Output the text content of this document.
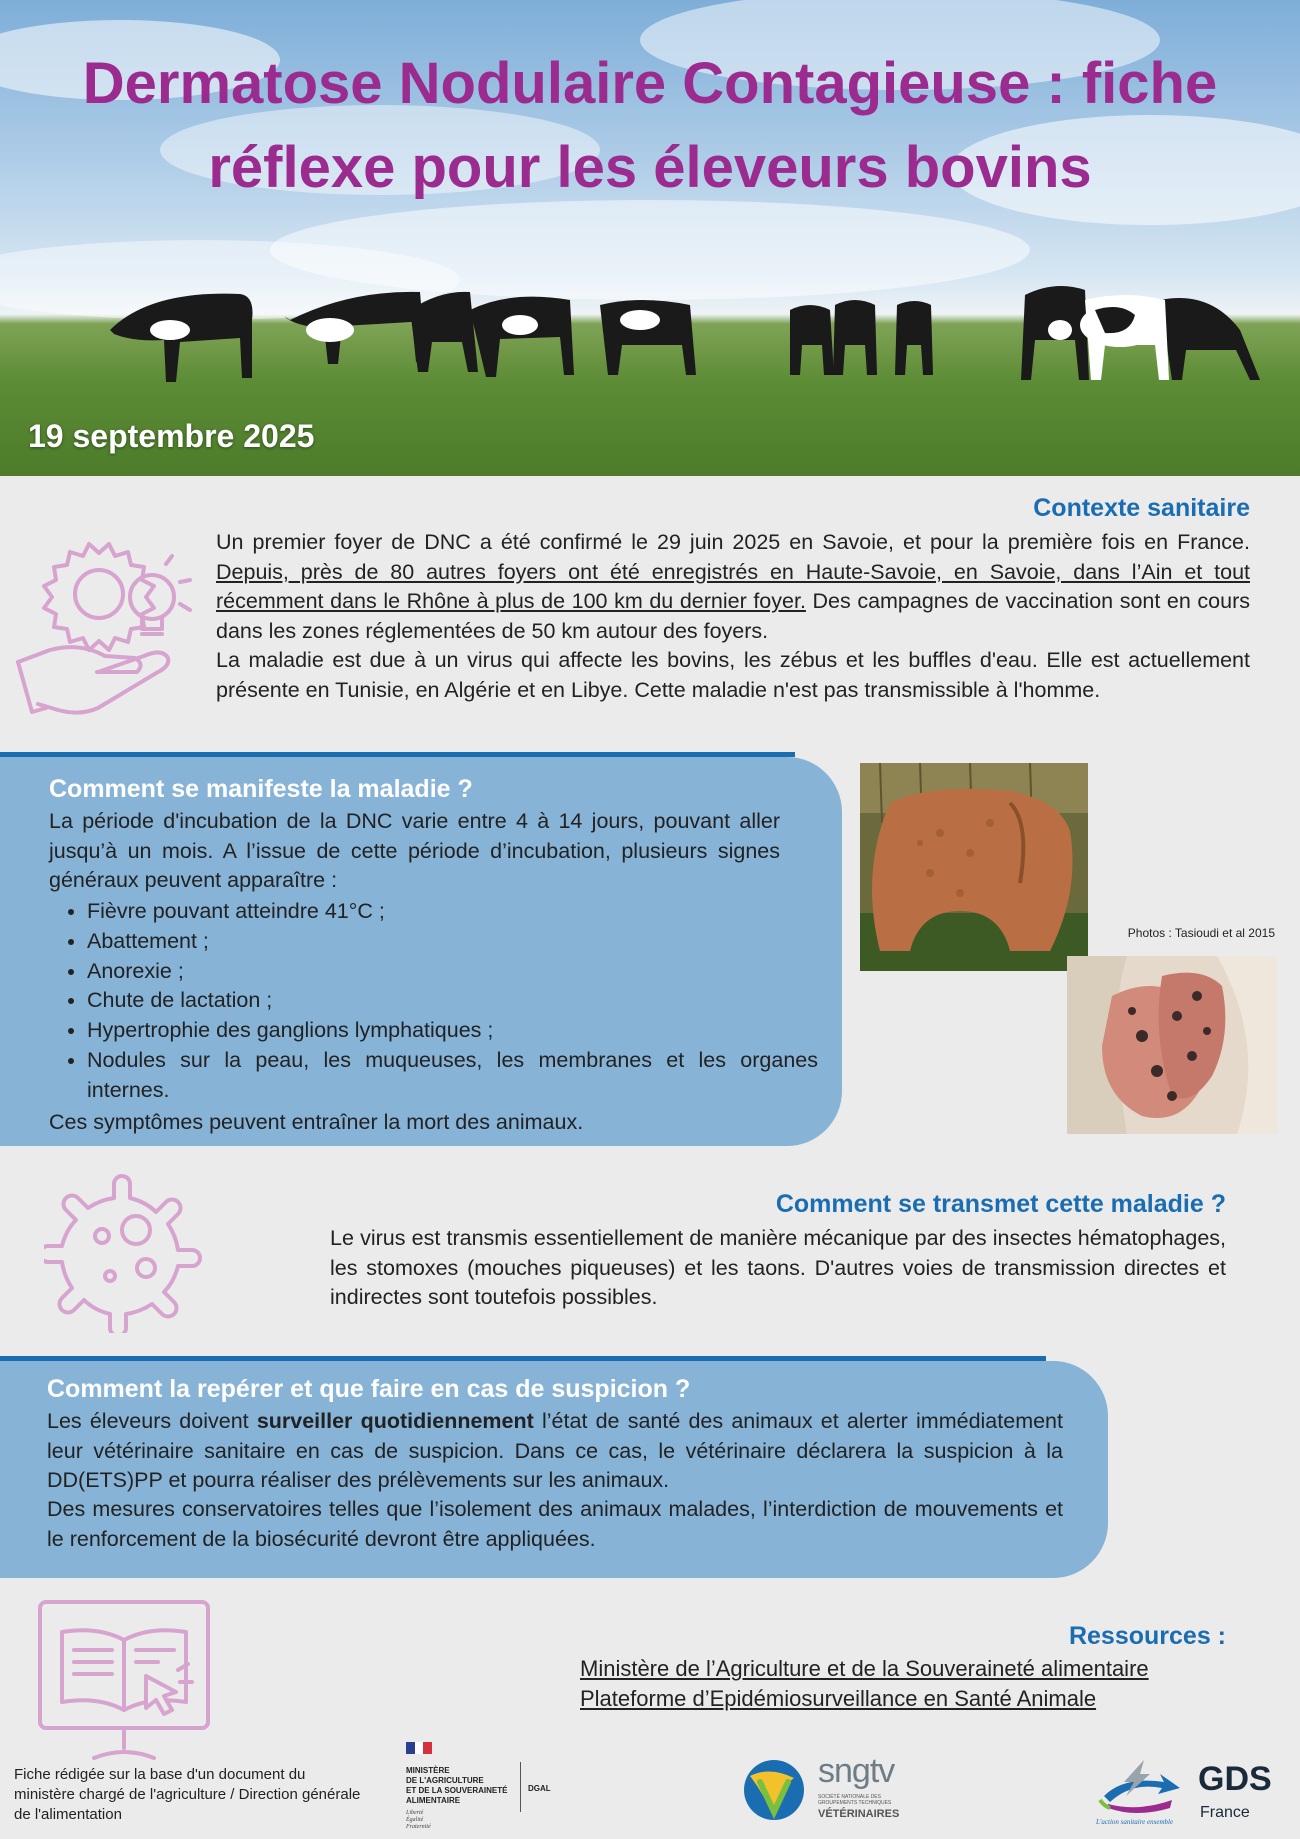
Dermatose Nodulaire Contagieuse : fiche réflexe pour les éleveurs bovins
19 septembre 2025
Contexte sanitaire
Un premier foyer de DNC a été confirmé le 29 juin 2025 en Savoie, et pour la première fois en France. Depuis, près de 80 autres foyers ont été enregistrés en Haute-Savoie, en Savoie, dans l’Ain et tout récemment dans le Rhône à plus de 100 km du dernier foyer. Des campagnes de vaccination sont en cours dans les zones réglementées de 50 km autour des foyers.
La maladie est due à un virus qui affecte les bovins, les zébus et les buffles d'eau. Elle est actuellement présente en Tunisie, en Algérie et en Libye. Cette maladie n'est pas transmissible à l'homme.
Comment se manifeste la maladie ?
La période d'incubation de la DNC varie entre 4 à 14 jours, pouvant aller jusqu’à un mois. A l’issue de cette période d’incubation, plusieurs signes généraux peuvent apparaître :
• Fièvre pouvant atteindre 41°C ;
• Abattement ;
• Anorexie ;
• Chute de lactation ;
• Hypertrophie des ganglions lymphatiques ;
• Nodules sur la peau, les muqueuses, les membranes et les organes internes.
Ces symptômes peuvent entraîner la mort des animaux.
Photos : Tasioudi et al 2015
Comment se transmet cette maladie ?
Le virus est transmis essentiellement de manière mécanique par des insectes hématophages, les stomoxes (mouches piqueuses) et les taons. D'autres voies de transmission directes et indirectes sont toutefois possibles.
Comment la repérer et que faire en cas de suspicion ?
Les éleveurs doivent surveiller quotidiennement l’état de santé des animaux et alerter immédiatement leur vétérinaire sanitaire en cas de suspicion. Dans ce cas, le vétérinaire déclarera la suspicion à la DD(ETS)PP et pourra réaliser des prélèvements sur les animaux.
Des mesures conservatoires telles que l’isolement des animaux malades, l’interdiction de mouvements et le renforcement de la biosécurité devront être appliquées.
Ressources :
Ministère de l’Agriculture et de la Souveraineté alimentaire
Plateforme d’Epidémiosurveillance en Santé Animale
Fiche rédigée sur la base d'un document du ministère chargé de l'agriculture / Direction générale de l'alimentation
MINISTÈRE
DE L'AGRICULTURE
ET DE LA SOUVERAINETÉ
ALIMENTAIRE
Liberté
Égalité
Fraternité
DGAL	sngtv
SOCIÉTÉ NATIONALE DES GROUPEMENTS TECHNIQUES
VÉTÉRINAIRES
GDS
France
L'action sanitaire ensemble
